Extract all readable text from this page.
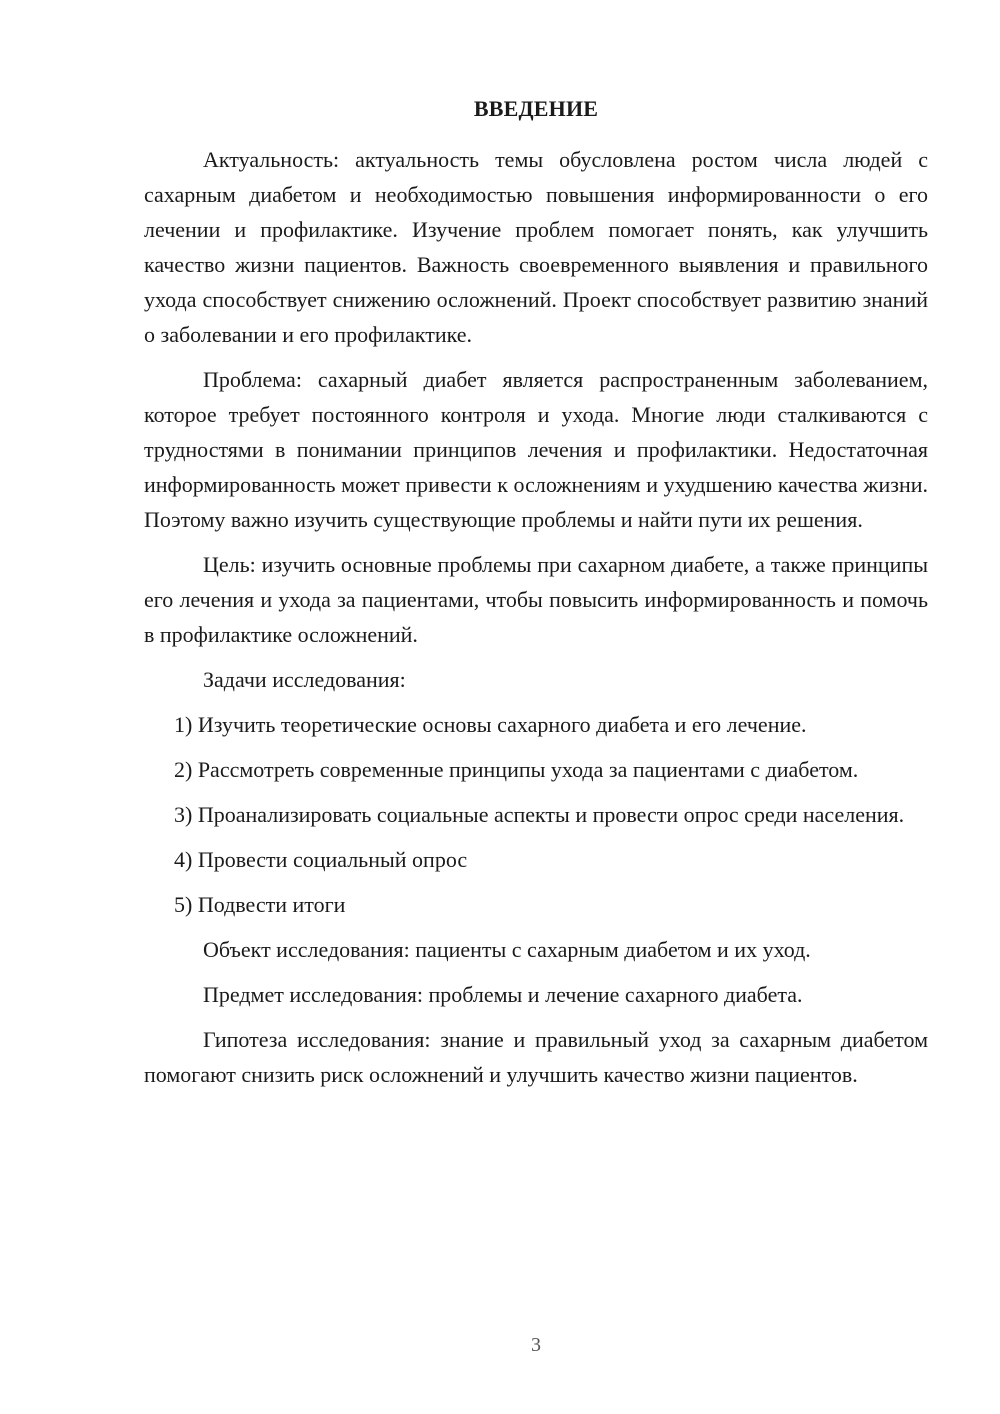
ВВЕДЕНИЕ

Актуальность: актуальность темы обусловлена ростом числа людей с сахарным диабетом и необходимостью повышения информированности о его лечении и профилактике. Изучение проблем помогает понять, как улучшить качество жизни пациентов. Важность своевременного выявления и правильного ухода способствует снижению осложнений. Проект способствует развитию знаний о заболевании и его профилактике.

Проблема: сахарный диабет является распространенным заболеванием, которое требует постоянного контроля и ухода. Многие люди сталкиваются с трудностями в понимании принципов лечения и профилактики. Недостаточная информированность может привести к осложнениям и ухудшению качества жизни. Поэтому важно изучить существующие проблемы и найти пути их решения.

Цель: изучить основные проблемы при сахарном диабете, а также принципы его лечения и ухода за пациентами, чтобы повысить информированность и помочь в профилактике осложнений.

Задачи исследования:

1) Изучить теоретические основы сахарного диабета и его лечение.

2) Рассмотреть современные принципы ухода за пациентами с диабетом.

3) Проанализировать социальные аспекты и провести опрос среди населения.

4) Провести социальный опрос

5) Подвести итоги

Объект исследования: пациенты с сахарным диабетом и их уход.

Предмет исследования: проблемы и лечение сахарного диабета.

Гипотеза исследования: знание и правильный уход за сахарным диабетом помогают снизить риск осложнений и улучшить качество жизни пациентов.

3
